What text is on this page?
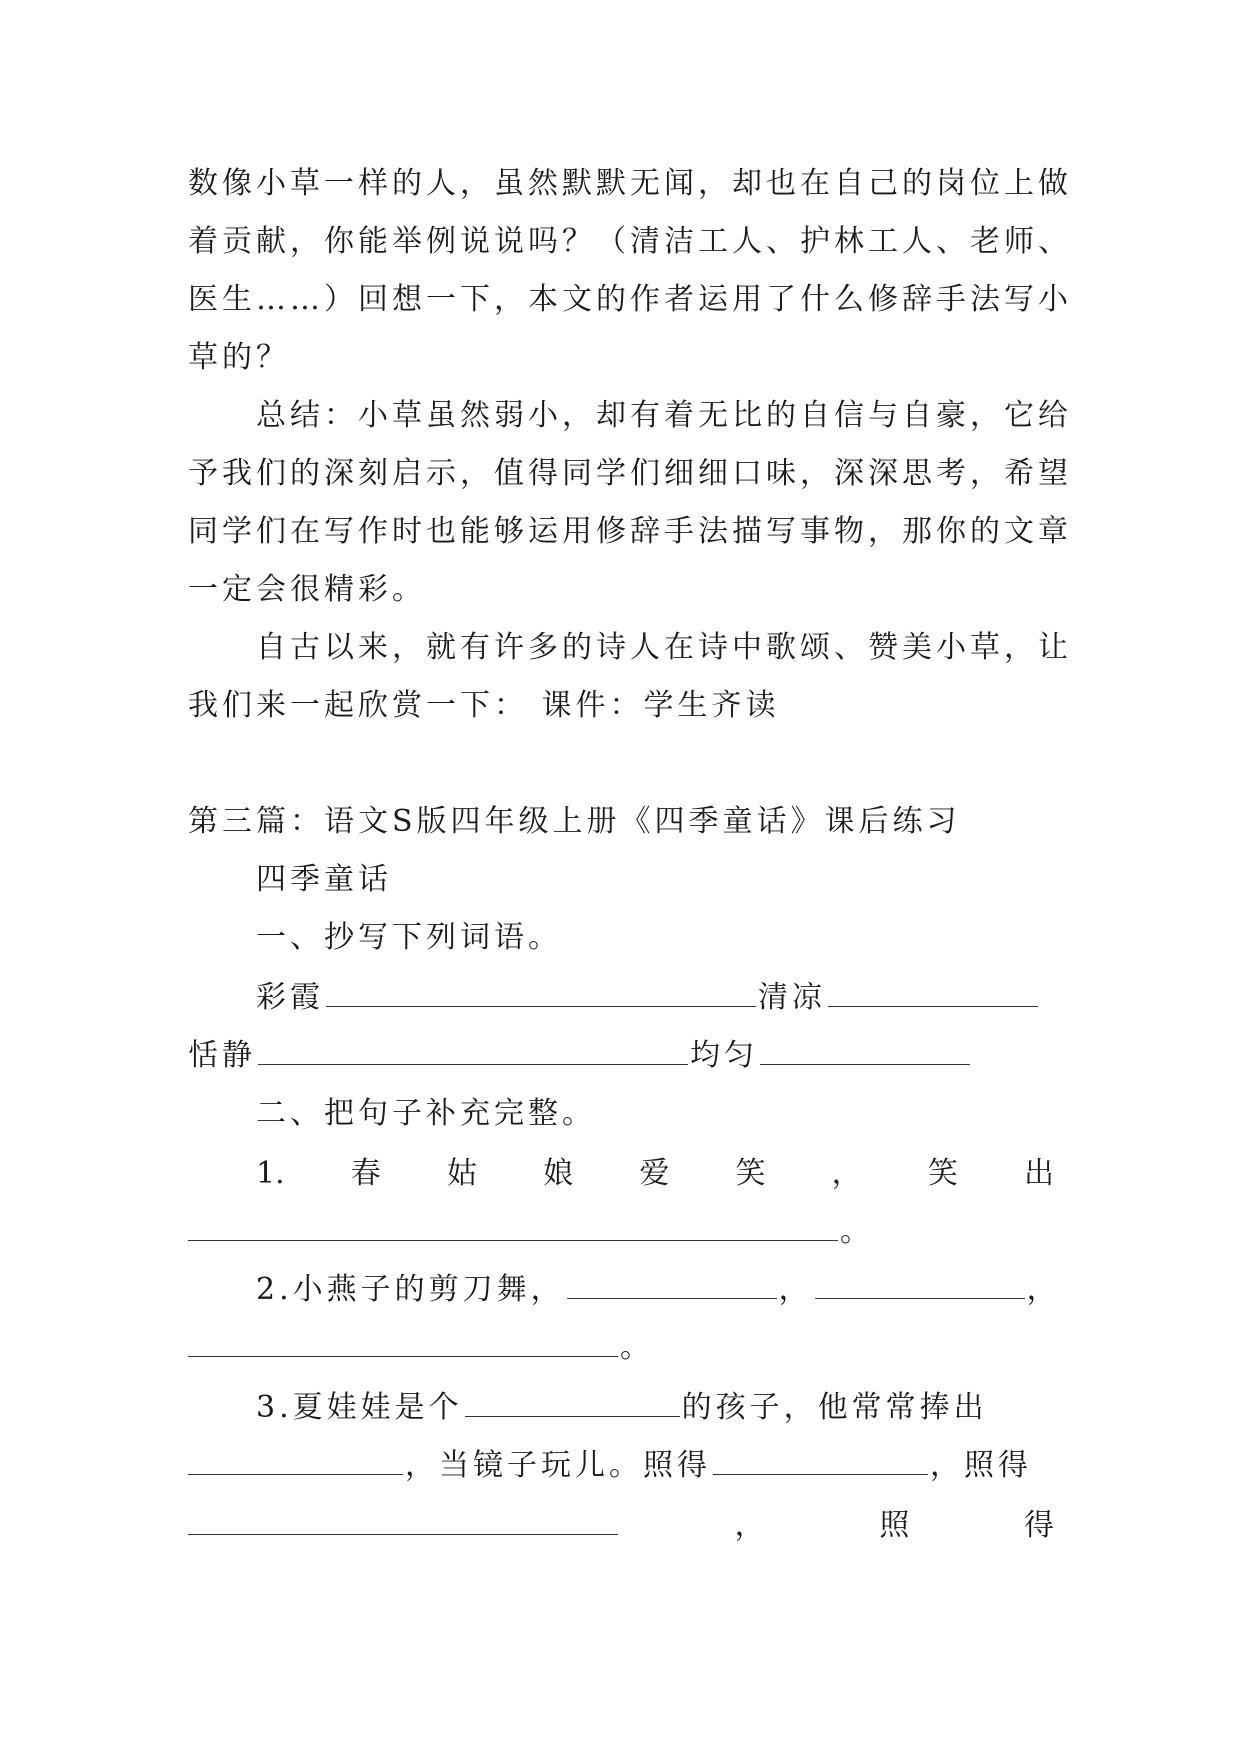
数像小草一样的人，虽然默默无闻，却也在自己的岗位上做
着贡献，你能举例说说吗？（清洁工人、护林工人、老师、
医生……）回想一下，本文的作者运用了什么修辞手法写小
草的？
总结：小草虽然弱小，却有着无比的自信与自豪，它给
予我们的深刻启示，值得同学们细细口味，深深思考，希望
同学们在写作时也能够运用修辞手法描写事物，那你的文章
一定会很精彩。
自古以来，就有许多的诗人在诗中歌颂、赞美小草，让
我们来一起欣赏一下： 课件：学生齐读
第三篇：语文S版四年级上册《四季童话》课后练习
四季童话
一、抄写下列词语。
彩霞	清凉
恬静	均匀
二、把句子补充完整。
1. 春 姑 娘 爱 笑 ， 笑 出
。
2.小燕子的剪刀舞，	，	，
。
3.夏娃娃是个	的孩子，他常常捧出
，当镜子玩儿。照得	，照得
，	照	得
